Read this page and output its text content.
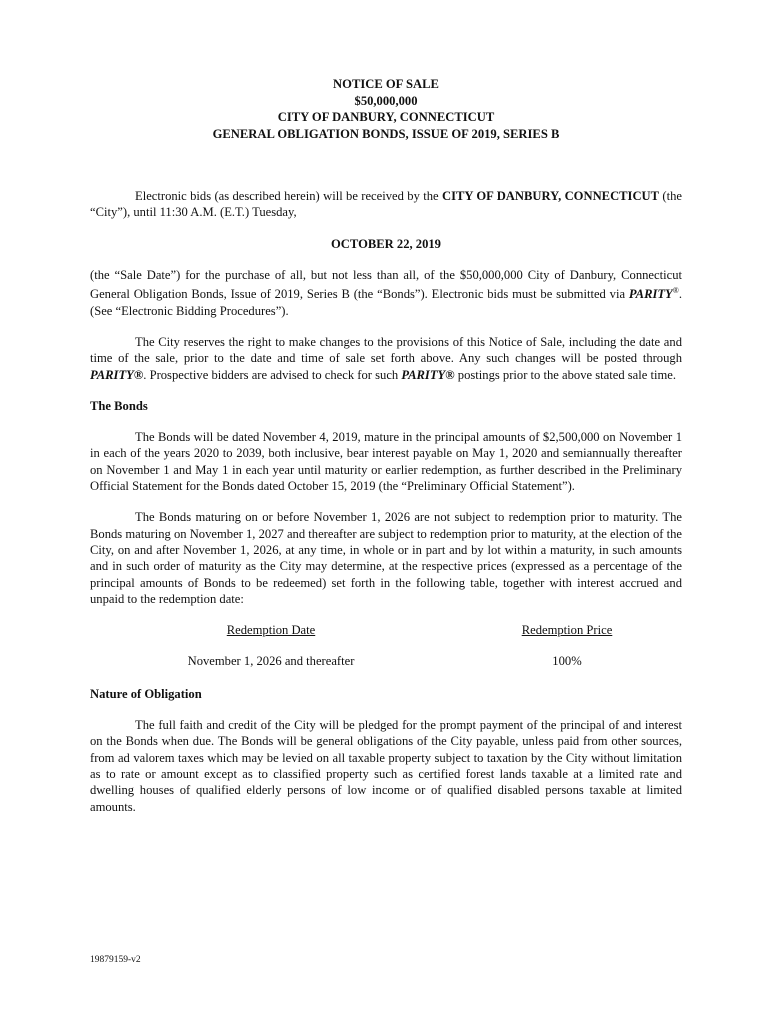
NOTICE OF SALE

$50,000,000

CITY OF DANBURY, CONNECTICUT

GENERAL OBLIGATION BONDS, ISSUE OF 2019, SERIES B

Electronic bids (as described herein) will be received by the CITY OF DANBURY, CONNECTICUT (the “City”), until 11:30 A.M. (E.T.) Tuesday,

OCTOBER 22, 2019

(the “Sale Date”) for the purchase of all, but not less than all, of the $50,000,000 City of Danbury, Connecticut General Obligation Bonds, Issue of 2019, Series B (the “Bonds”). Electronic bids must be submitted via PARITY®. (See “Electronic Bidding Procedures”).

The City reserves the right to make changes to the provisions of this Notice of Sale, including the date and time of the sale, prior to the date and time of sale set forth above. Any such changes will be posted through PARITY®. Prospective bidders are advised to check for such PARITY® postings prior to the above stated sale time.

The Bonds

The Bonds will be dated November 4, 2019, mature in the principal amounts of $2,500,000 on November 1 in each of the years 2020 to 2039, both inclusive, bear interest payable on May 1, 2020 and semiannually thereafter on November 1 and May 1 in each year until maturity or earlier redemption, as further described in the Preliminary Official Statement for the Bonds dated October 15, 2019 (the “Preliminary Official Statement”).

The Bonds maturing on or before November 1, 2026 are not subject to redemption prior to maturity. The Bonds maturing on November 1, 2027 and thereafter are subject to redemption prior to maturity, at the election of the City, on and after November 1, 2026, at any time, in whole or in part and by lot within a maturity, in such amounts and in such order of maturity as the City may determine, at the respective prices (expressed as a percentage of the principal amounts of Bonds to be redeemed) set forth in the following table, together with interest accrued and unpaid to the redemption date:

Redemption Date	Redemption Price
November 1, 2026 and thereafter	100%

Nature of Obligation

The full faith and credit of the City will be pledged for the prompt payment of the principal of and interest on the Bonds when due. The Bonds will be general obligations of the City payable, unless paid from other sources, from ad valorem taxes which may be levied on all taxable property subject to taxation by the City without limitation as to rate or amount except as to classified property such as certified forest lands taxable at a limited rate and dwelling houses of qualified elderly persons of low income or of qualified disabled persons taxable at limited amounts.

19879159-v2
